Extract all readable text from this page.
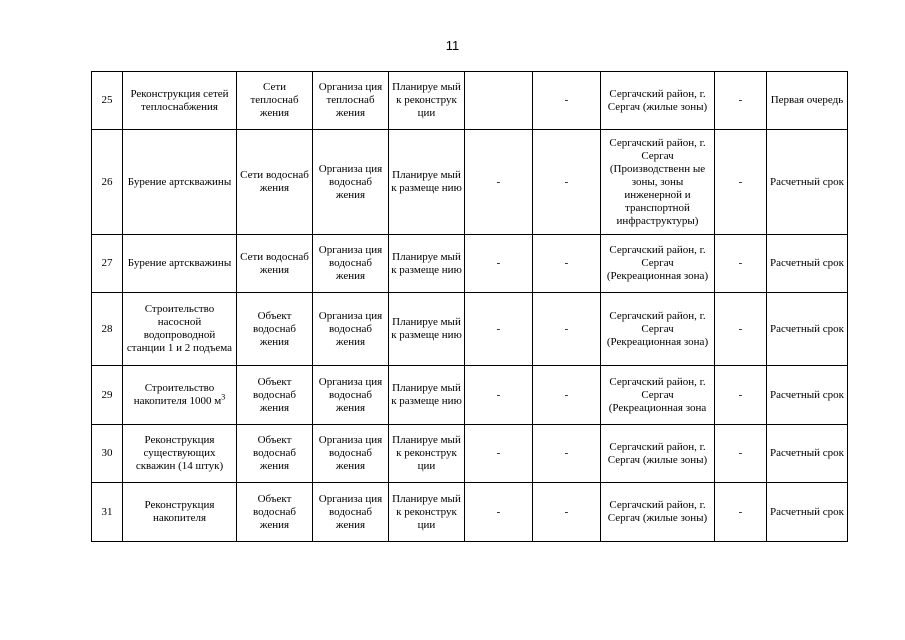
11
25	Реконструкция сетей теплоснабжения	Сети теплоснаб жения	Организа ция теплоснаб жения	Планируе мый к реконструк ции		-	Сергачский район, г. Сергач (жилые зоны)	-	Первая очередь
26	Бурение артскважины	Сети водоснаб жения	Организа ция водоснаб жения	Планируе мый к размеще нию	-	-	Сергачский район, г. Сергач (Производственн ые зоны, зоны инженерной и транспортной инфраструктуры)	-	Расчетный срок
27	Бурение артскважины	Сети водоснаб жения	Организа ция водоснаб жения	Планируе мый к размеще нию	-	-	Сергачский район, г. Сергач (Рекреационная зона)	-	Расчетный срок
28	Строительство насосной водопроводной станции 1 и 2 подъема	Объект водоснаб жения	Организа ция водоснаб жения	Планируе мый к размеще нию	-	-	Сергачский район, г. Сергач (Рекреационная зона)	-	Расчетный срок
29	Строительство накопителя 1000 $м^3$	Объект водоснаб жения	Организа ция водоснаб жения	Планируе мый к размеще нию	-	-	Сергачский район, г. Сергач (Рекреационная зона	-	Расчетный срок
30	Реконструкция существующих скважин (14 штук)	Объект водоснаб жения	Организа ция водоснаб жения	Планируе мый к реконструк ции	-	-	Сергачский район, г. Сергач (жилые зоны)	-	Расчетный срок
31	Реконструкция накопителя	Объект водоснаб жения	Организа ция водоснаб жения	Планируе мый к реконструк ции	-	-	Сергачский район, г. Сергач (жилые зоны)	-	Расчетный срок
